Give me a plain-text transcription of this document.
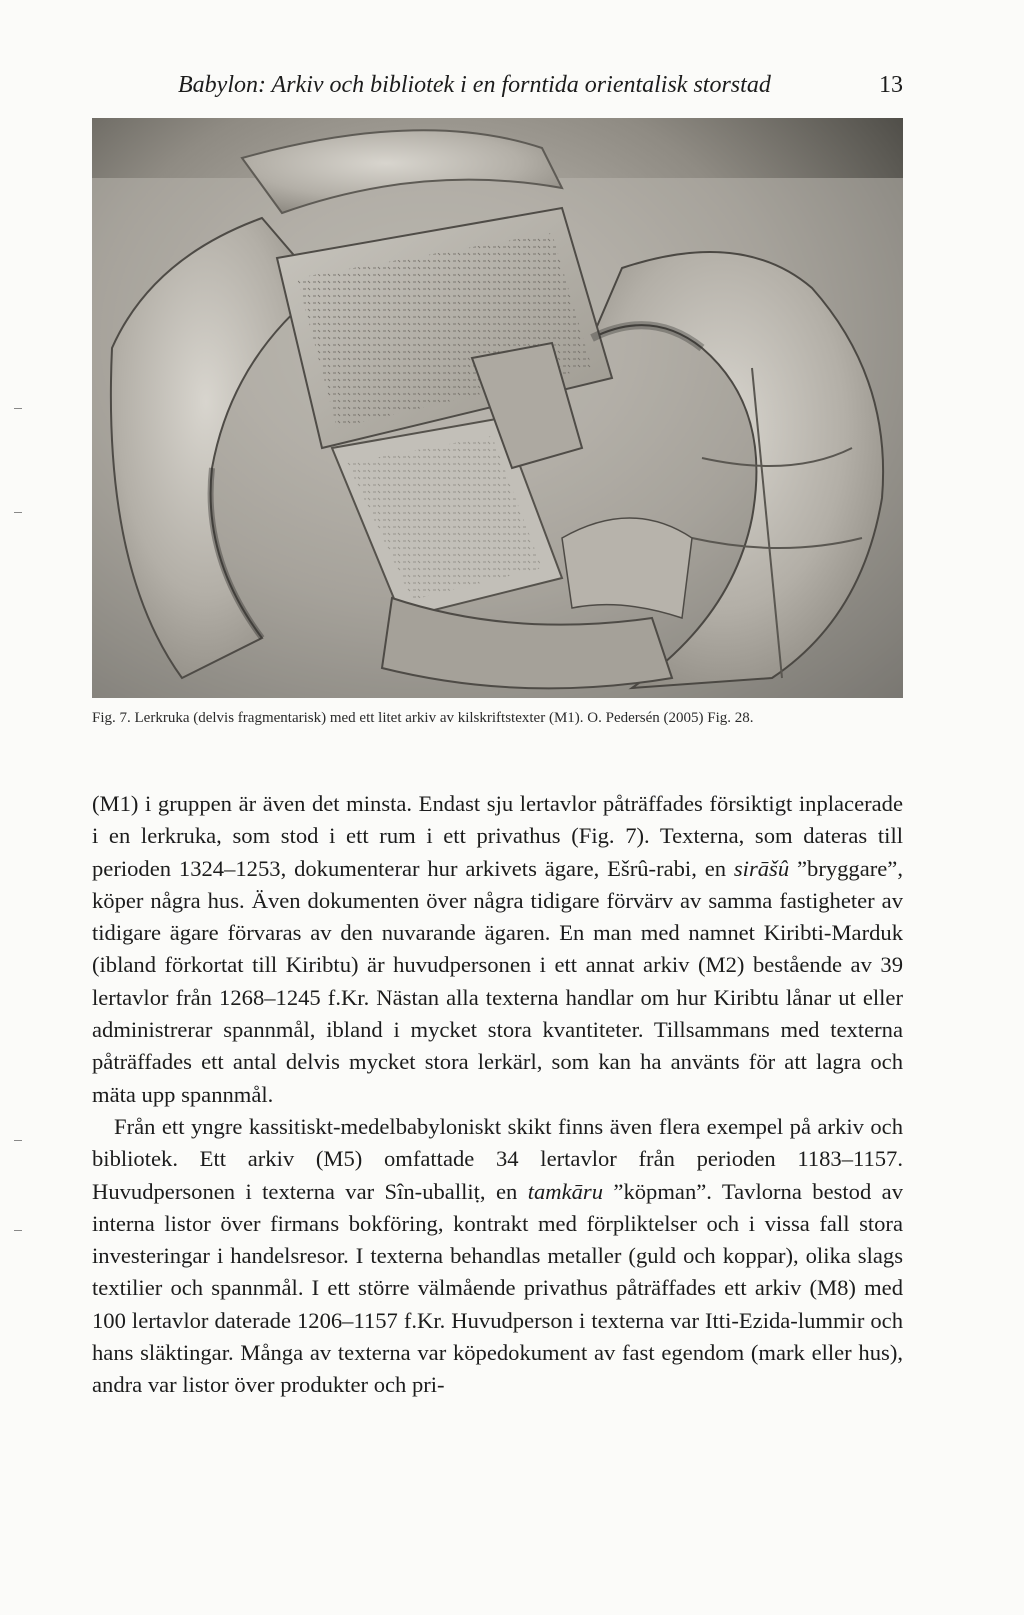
Babylon: Arkiv och bibliotek i en forntida orientalisk storstad	13
Fig. 7. Lerkruka (delvis fragmentarisk) med ett litet arkiv av kilskriftstexter (M1). O. Pedersén (2005) Fig. 28.

(M1) i gruppen är även det minsta. Endast sju lertavlor påträffades försiktigt inplacerade i en lerkruka, som stod i ett rum i ett privathus (Fig. 7). Texterna, som dateras till perioden 1324–1253, dokumenterar hur arkivets ägare, Ešrû-rabi, en sirāšû ”bryggare”, köper några hus. Även dokumenten över några tidigare förvärv av samma fastigheter av tidigare ägare förvaras av den nuvarande ägaren. En man med namnet Kiribti-Marduk (ibland förkortat till Kiribtu) är huvudpersonen i ett annat arkiv (M2) bestående av 39 lertavlor från 1268–1245 f.Kr. Nästan alla texterna handlar om hur Kiribtu lånar ut eller administrerar spannmål, ibland i mycket stora kvantiteter. Tillsammans med texterna påträffades ett antal delvis mycket stora lerkärl, som kan ha använts för att lagra och mäta upp spannmål.

Från ett yngre kassitiskt-medelbabyloniskt skikt finns även flera exempel på arkiv och bibliotek. Ett arkiv (M5) omfattade 34 lertavlor från perioden 1183–1157. Huvudpersonen i texterna var Sîn-uballiṭ, en tamkāru ”köpman”. Tavlorna bestod av interna listor över firmans bokföring, kontrakt med förpliktelser och i vissa fall stora investeringar i handelsresor. I texterna behandlas metaller (guld och koppar), olika slags textilier och spannmål. I ett större välmående privathus påträffades ett arkiv (M8) med 100 lertavlor daterade 1206–1157 f.Kr. Huvudperson i texterna var Itti-Ezida-lummir och hans släktingar. Många av texterna var köpedokument av fast egendom (mark eller hus), andra var listor över produkter och pri-
